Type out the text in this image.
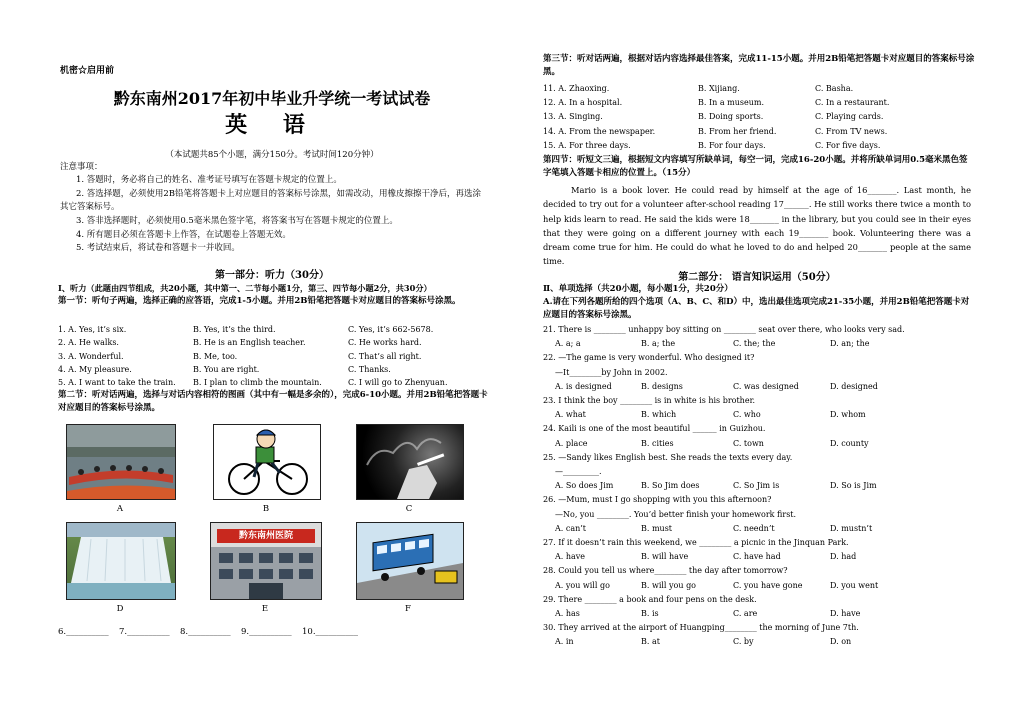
机密☆启用前
黔东南州2017年初中毕业升学统一考试试卷
英 语
（本试题共85个小题，满分150分。考试时间120分钟）
注意事项：
1. 答题时，务必将自己的姓名、准考证号填写在答题卡规定的位置上。
2. 答选择题，必须使用2B铅笔将答题卡上对应题目的答案标号涂黑，如需改动，用橡皮擦擦干净后，再选涂其它答案标号。
3. 答非选择题时，必须使用0.5毫米黑色签字笔，将答案书写在答题卡规定的位置上。
4. 所有题目必须在答题卡上作答，在试题卷上答题无效。
5. 考试结束后，将试卷和答题卡一并收回。
第一部分：听力（30分）
Ⅰ、听力（此题由四节组成，共20小题，其中第一、二节每小题1分，第三、四节每小题2分，共30分）
第一节：听句子两遍，选择正确的应答语，完成1-5小题。并用2B铅笔把答题卡对应题目的答案标号涂黑。
1. A. Yes, it’s six.	B. Yes, it’s the third.	C. Yes, it’s 662-5678.
2. A. He walks.	B. He is an English teacher.	C. He works hard.
3. A. Wonderful.	B. Me, too.	C. That’s all right.
4. A. My pleasure.	B. You are right.	C. Thanks.
5. A. I want to take the train. B. I plan to climb the mountain.	C. I will go to Zhenyuan.
第二节：听对话两遍，选择与对话内容相符的图画（其中有一幅是多余的），完成6-10小题。并用2B铅笔把答题卡对应题目的答案标号涂黑。
A	B	C
D
黔东南州医院
E	F
6.__________ 7.__________ 8.__________ 9.__________ 10.__________
第三节：听对话两遍，根据对话内容选择最佳答案，完成11-15小题。并用2B铅笔把答题卡对应题目的答案标号涂黑。
11. A. Zhaoxing.	B. Xijiang.	C. Basha.
12. A. In a hospital.	B. In a museum.	C. In a restaurant.
13. A. Singing.	B. Doing sports.	C. Playing cards.
14. A. From the newspaper.	B. From her friend.	C. From TV news.
15. A. For three days.	B. For four days.	C. For five days.
第四节：听短文三遍，根据短文内容填写所缺单词，每空一词，完成16-20小题。并将所缺单词用0.5毫米黑色签字笔填入答题卡相应的位置上。（15分）
Mario is a book lover. He could read by himself at the age of 16_______. Last month, he decided to try out for a volunteer after-school reading 17______. He still works there twice a month to help kids learn to read. He said the kids were 18_______ in the library, but you could see in their eyes that they were going on a different journey with each 19_______ book. Volunteering there was a dream come true for him. He could do what he loved to do and helped 20_______ people at the same time.
第二部分： 语言知识运用（50分）
Ⅱ、单项选择（共20小题，每小题1分，共20分）
A.请在下列各题所给的四个选项（A、B、C、和D）中，选出最佳选项完成21-35小题，并用2B铅笔把答题卡对应题目的答案标号涂黑。
21. There is ________ unhappy boy sitting on ________ seat over there, who looks very sad.
A. a; a	B. a; the	C. the; the	D. an; the
22. —The game is very wonderful. Who designed it?
—It________by John in 2002.
A. is designed	B. designs	C. was designed	D. designed
23. I think the boy ________ is in white is his brother.
A. what	B. which	C. who	D. whom
24. Kaili is one of the most beautiful ______ in Guizhou.
A. place	B. cities	C. town	D. county
25. —Sandy likes English best. She reads the texts every day.
—_________.
A. So does Jim	B. So Jim does	C. So Jim is	D. So is Jim
26. —Mum, must I go shopping with you this afternoon?
—No, you ________. You’d better finish your homework first.
A. can’t	B. must	C. needn’t	D. mustn’t
27. If it doesn’t rain this weekend, we ________ a picnic in the Jinquan Park.
A. have	B. will have	C. have had	D. had
28. Could you tell us where________ the day after tomorrow?
A. you will go	B. will you go	C. you have gone	D. you went
29. There ________ a book and four pens on the desk.
A. has	B. is	C. are	D. have
30. They arrived at the airport of Huangping________ the morning of June 7th.
A. in	B. at	C. by	D. on
